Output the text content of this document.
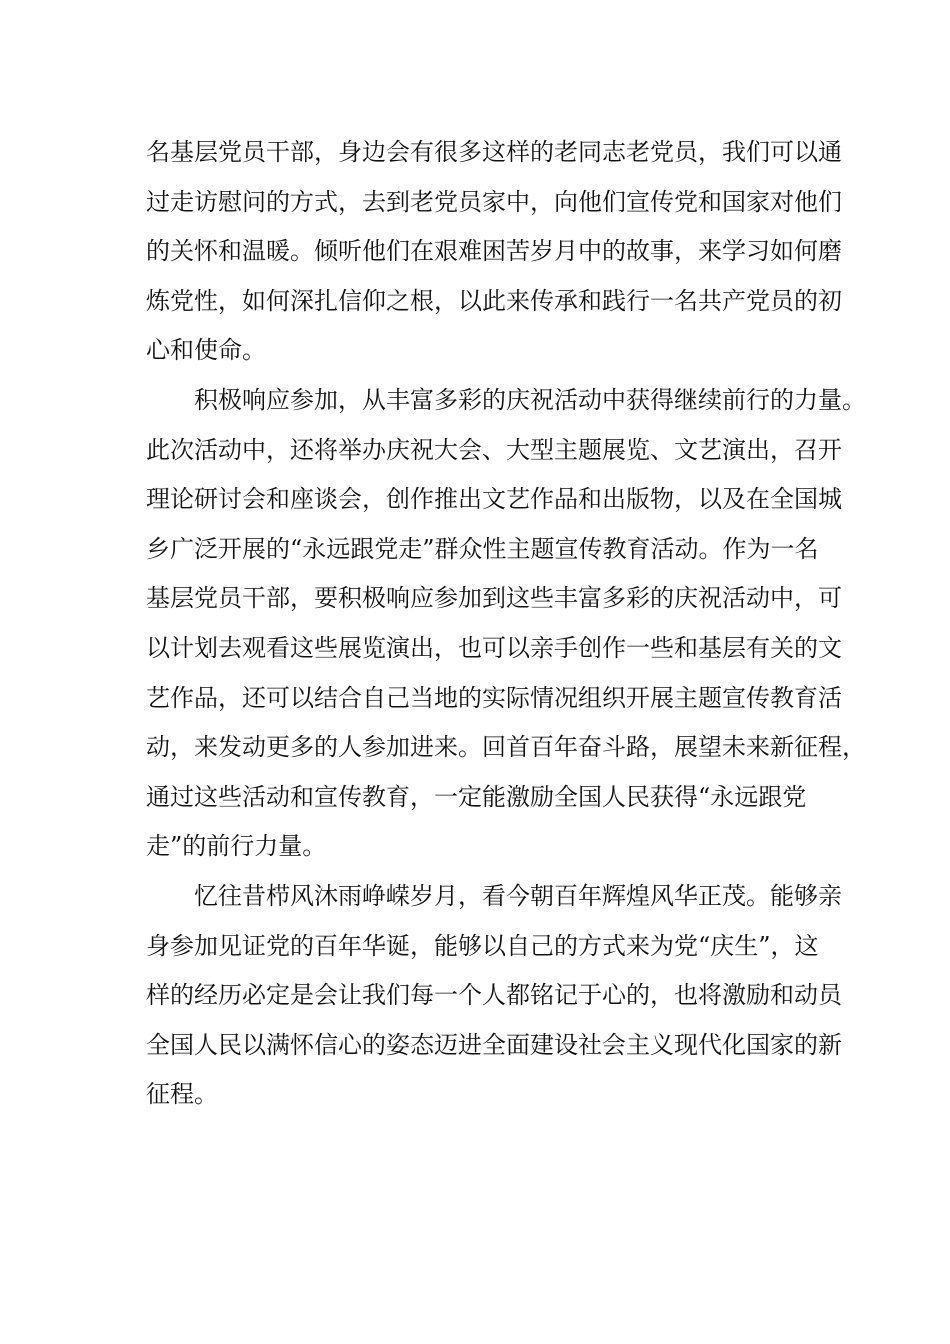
名基层党员干部，身边会有很多这样的老同志老党员，我们可以通
过走访慰问的方式，去到老党员家中，向他们宣传党和国家对他们
的关怀和温暖。倾听他们在艰难困苦岁月中的故事，来学习如何磨
炼党性，如何深扎信仰之根，以此来传承和践行一名共产党员的初
心和使命。
积极响应参加，从丰富多彩的庆祝活动中获得继续前行的力量。
此次活动中，还将举办庆祝大会、大型主题展览、文艺演出，召开
理论研讨会和座谈会，创作推出文艺作品和出版物，以及在全国城
乡广泛开展的“永远跟党走”群众性主题宣传教育活动。作为一名
基层党员干部，要积极响应参加到这些丰富多彩的庆祝活动中，可
以计划去观看这些展览演出，也可以亲手创作一些和基层有关的文
艺作品，还可以结合自己当地的实际情况组织开展主题宣传教育活
动，来发动更多的人参加进来。回首百年奋斗路，展望未来新征程，
通过这些活动和宣传教育，一定能激励全国人民获得“永远跟党
走”的前行力量。
忆往昔栉风沐雨峥嵘岁月，看今朝百年辉煌风华正茂。能够亲
身参加见证党的百年华诞，能够以自己的方式来为党“庆生”，这
样的经历必定是会让我们每一个人都铭记于心的，也将激励和动员
全国人民以满怀信心的姿态迈进全面建设社会主义现代化国家的新
征程。
